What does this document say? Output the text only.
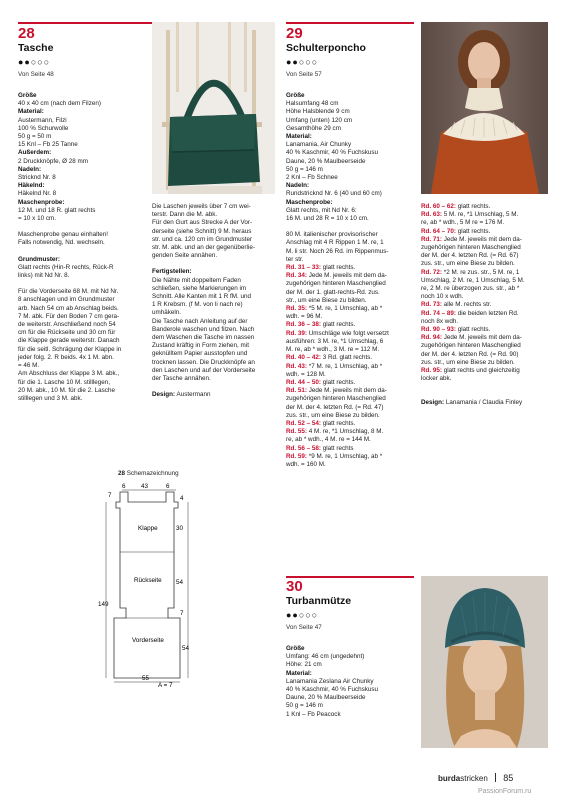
28
Tasche
●●○○○
Von Seite 48

Größe

40 x 40 cm (nach dem Filzen)

Material:

Austermann, Filzi

100 % Schurwolle

50 g = 50 m

15 Knl – Fb 25 Tanne

Außerdem:

2 Druckknöpfe, Ø 28 mm

Nadeln:

Stricknd Nr. 8

Häkelnd:

Häkelnd Nr. 8

Maschenprobe:

12 M. und 18 R. glatt rechts

= 10 x 10 cm.

Maschenprobe genau einhalten!

Falls notwendig, Nd. wechseln.

Grundmuster:

Glatt rechts (Hin-R rechts, Rück-R

links) mit Nd Nr. 8.

Für die Vorderseite 68 M. mit Nd Nr.

8 anschlagen und im Grundmuster

arb. Nach 54 cm ab Anschlag beids.

7 M. abk. Für den Boden 7 cm gera-

de weiterstr. Anschließend noch 54

cm für die Rückseite und 30 cm für

die Klappe gerade weiterstr. Danach

für die seitl. Schrägung der Klappe in

jeder folg. 2. R beids. 4x 1 M. abn.

= 46 M.

Am Abschluss der Klappe 3 M. abk.,

für die 1. Lasche 10 M. stilllegen,

20 M. abk., 10 M. für die 2. Lasche

stilllegen und 3 M. abk.

Die Laschen jeweils über 7 cm wei-

terstr. Dann die M. abk.

Für den Gurt aus Strecke A der Vor-

derseite (siehe Schnitt) 9 M. heraus

str. und ca. 120 cm im Grundmuster

str. M. abk. und an der gegenüberlie-

genden Seite annähen.

Fertigstellen:

Die Nähte mit doppeltem Faden

schließen, siehe Markierungen im

Schnitt. Alle Kanten mit 1 R fM. und

1 R Krebsm. (f M. von li nach re)

umhäkeln.

Die Tasche nach Anleitung auf der

Banderole waschen und filzen. Nach

dem Waschen die Tasche im nassen

Zustand kräftig in Form ziehen, mit

geknülltem Papier ausstopfen und

trocknen lassen. Die Druckknöpfe an

den Laschen und auf der Vorderseite

der Tasche annähen.

Design: Austermann

28 Schemazeichnung
6 43	6
7	4
Klappe
Rückseite
Vorderseite
30
54
7
54
149
55
A = 7
29
Schulterponcho
●●○○○
Von Seite 57

Größe

Halsumfang 48 cm

Höhe Halsblende 9 cm

Umfang (unten) 120 cm

Gesamthöhe 29 cm

Material:

Lanamania, Air Chunky

40 % Kaschmir, 40 % Fuchskusu

Daune, 20 % Maulbeerseide

50 g = 146 m

2 Knl – Fb Schnee

Nadeln:

Rundstricknd Nr. 6 (40 und 60 cm)

Maschenprobe:

Glatt rechts, mit Nd Nr. 6:

16 M. und 28 R = 10 x 10 cm.

80 M. italienischer provisorischer

Anschlag mit 4 R Rippen 1 M. re, 1

M. li str. Noch 26 Rd. im Rippenmus-

ter str.

Rd. 31 – 33: glatt rechts.

Rd. 34: Jede M. jeweils mit dem da-

zugehörigen hinteren Maschenglied

der M. der 1. glatt-rechts-Rd. zus.

str., um eine Biese zu bilden.

Rd. 35: *5 M. re, 1 Umschlag, ab *

wdh. = 96 M.

Rd. 36 – 38: glatt rechts.

Rd. 39: Umschläge wie folgt versetzt

ausführen: 3 M. re, *1 Umschlag, 6

M. re, ab * wdh., 3 M. re = 112 M.

Rd. 40 – 42: 3 Rd. glatt rechts.

Rd. 43: *7 M. re, 1 Umschlag, ab *

wdh. = 128 M.

Rd. 44 – 50: glatt rechts.

Rd. 51: Jede M. jeweils mit dem da-

zugehörigen hinteren Maschenglied

der M. der 4. letzten Rd. (= Rd. 47)

zus. str., um eine Biese zu bilden.

Rd. 52 – 54: glatt rechts.

Rd. 55: 4 M. re, *1 Umschlag, 8 M.

re, ab * wdh., 4 M. re = 144 M.

Rd. 56 – 58: glatt rechts

Rd. 59: *9 M. re, 1 Umschlag, ab *

wdh. = 160 M.

Rd. 60 – 62: glatt rechts.

Rd. 63: 5 M. re, *1 Umschlag, 5 M.

re, ab * wdh., 5 M re = 176 M.

Rd. 64 – 70: glatt rechts.

Rd. 71: Jede M. jeweils mit dem da-

zugehörigen hinteren Maschenglied

der M. der 4. letzten Rd. (= Rd. 67)

zus. str., um eine Biese zu bilden.

Rd. 72: *2 M. re zus. str., 5 M. re, 1

Umschlag, 2 M. re, 1 Umschlag, 5 M.

re, 2 M. re überzogen zus. str., ab *

noch 10 x wdh.

Rd. 73: alle M. rechts str.

Rd. 74 – 89: die beiden letzten Rd.

noch 8x wdh.

Rd. 90 – 93: glatt rechts.

Rd. 94: Jede M. jeweils mit dem da-

zugehörigen hinteren Maschenglied

der M. der 4. letzten Rd. (= Rd. 90)

zus. str., um eine Biese zu bilden.

Rd. 95: glatt rechts und gleichzeitig

locker abk.

Design: Lanamania / Claudia Finley

30
Turbanmütze
●●○○○
Von Seite 47

Größe

Umfang: 46 cm (ungedehnt)

Höhe: 21 cm

Material:

Lanamania Zeslana Air Chunky

40 % Kaschmir, 40 % Fuchskusu

Daune, 20 % Maulbeerseide

50 g = 146 m

1 Knl – Fb Peacock

burdastricken 85
PassionForum.ru
